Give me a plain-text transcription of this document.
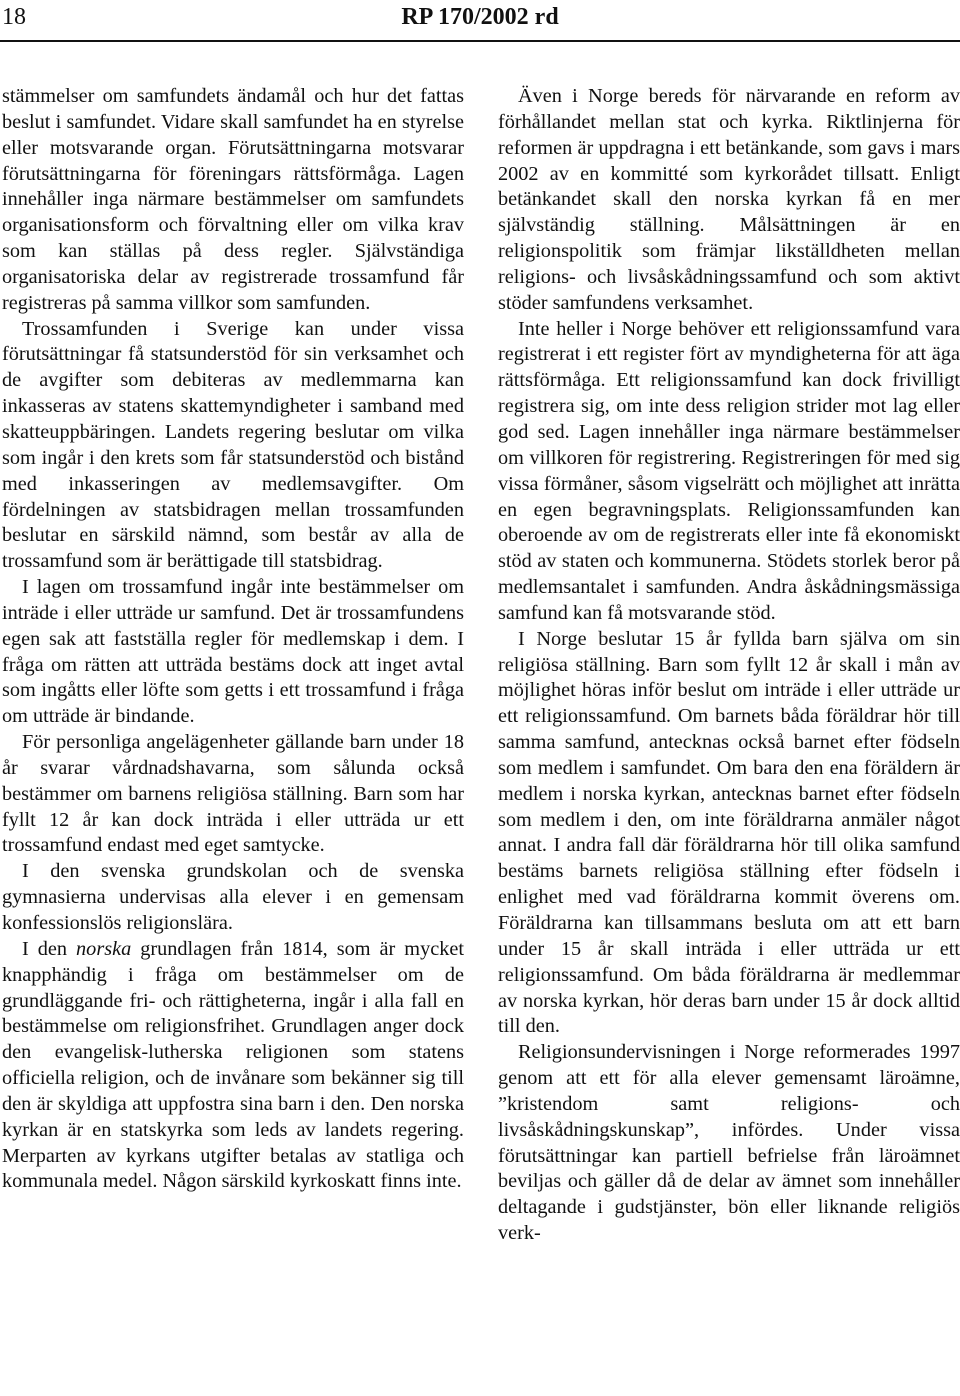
18	RP 170/2002 rd

stämmelser om samfundets ändamål och hur det fattas beslut i samfundet. Vidare skall samfundet ha en styrelse eller motsvarande organ. Förutsättningarna motsvarar förutsättningarna för föreningars rättsförmåga. Lagen innehåller inga närmare bestämmelser om samfundets organisationsform och förvaltning eller om vilka krav som kan ställas på dess regler. Självständiga organisatoriska delar av registrerade trossamfund får registreras på samma villkor som samfunden.

Trossamfunden i Sverige kan under vissa förutsättningar få statsunderstöd för sin verksamhet och de avgifter som debiteras av medlemmarna kan inkasseras av statens skattemyndigheter i samband med skatteuppbäringen. Landets regering beslutar om vilka som ingår i den krets som får statsunderstöd och bistånd med inkasseringen av medlemsavgifter. Om fördelningen av statsbidragen mellan trossamfunden beslutar en särskild nämnd, som består av alla de trossamfund som är berättigade till statsbidrag.

I lagen om trossamfund ingår inte bestämmelser om inträde i eller utträde ur samfund. Det är trossamfundens egen sak att fastställa regler för medlemskap i dem. I fråga om rätten att utträda bestäms dock att inget avtal som ingåtts eller löfte som getts i ett trossamfund i fråga om utträde är bindande.

För personliga angelägenheter gällande barn under 18 år svarar vårdnadshavarna, som sålunda också bestämmer om barnens religiösa ställning. Barn som har fyllt 12 år kan dock inträda i eller utträda ur ett trossamfund endast med eget samtycke.

I den svenska grundskolan och de svenska gymnasierna undervisas alla elever i en gemensam konfessionslös religionslära.

I den norska grundlagen från 1814, som är mycket knapphändig i fråga om bestämmelser om de grundläggande fri- och rättigheterna, ingår i alla fall en bestämmelse om religionsfrihet. Grundlagen anger dock den evangelisk-lutherska religionen som statens officiella religion, och de invånare som bekänner sig till den är skyldiga att uppfostra sina barn i den. Den norska kyrkan är en statskyrka som leds av landets regering. Merparten av kyrkans utgifter betalas av statliga och kommunala medel. Någon särskild kyrkoskatt finns inte.

Även i Norge bereds för närvarande en reform av förhållandet mellan stat och kyrka. Riktlinjerna för reformen är uppdragna i ett betänkande, som gavs i mars 2002 av en kommitté som kyrkorådet tillsatt. Enligt betänkandet skall den norska kyrkan få en mer självständig ställning. Målsättningen är en religionspolitik som främjar likställdheten mellan religions- och livsåskådningssamfund och som aktivt stöder samfundens verksamhet.

Inte heller i Norge behöver ett religionssamfund vara registrerat i ett register fört av myndigheterna för att äga rättsförmåga. Ett religionssamfund kan dock frivilligt registrera sig, om inte dess religion strider mot lag eller god sed. Lagen innehåller inga närmare bestämmelser om villkoren för registrering. Registreringen för med sig vissa förmåner, såsom vigselrätt och möjlighet att inrätta en egen begravningsplats. Religionssamfunden kan oberoende av om de registrerats eller inte få ekonomiskt stöd av staten och kommunerna. Stödets storlek beror på medlemsantalet i samfunden. Andra åskådningsmässiga samfund kan få motsvarande stöd.

I Norge beslutar 15 år fyllda barn själva om sin religiösa ställning. Barn som fyllt 12 år skall i mån av möjlighet höras inför beslut om inträde i eller utträde ur ett religionssamfund. Om barnets båda föräldrar hör till samma samfund, antecknas också barnet efter födseln som medlem i samfundet. Om bara den ena föräldern är medlem i norska kyrkan, antecknas barnet efter födseln som medlem i den, om inte föräldrarna anmäler något annat. I andra fall där föräldrarna hör till olika samfund bestäms barnets religiösa ställning efter födseln i enlighet med vad föräldrarna kommit överens om. Föräldrarna kan tillsammans besluta om att ett barn under 15 år skall inträda i eller utträda ur ett religionssamfund. Om båda föräldrarna är medlemmar av norska kyrkan, hör deras barn under 15 år dock alltid till den.

Religionsundervisningen i Norge reformerades 1997 genom att ett för alla elever gemensamt läroämne, ”kristendom samt religions- och livsåskådningskunskap”, infördes. Under vissa förutsättningar kan partiell befrielse från läroämnet beviljas och gäller då de delar av ämnet som innehåller deltagande i gudstjänster, bön eller liknande religiös verk-
